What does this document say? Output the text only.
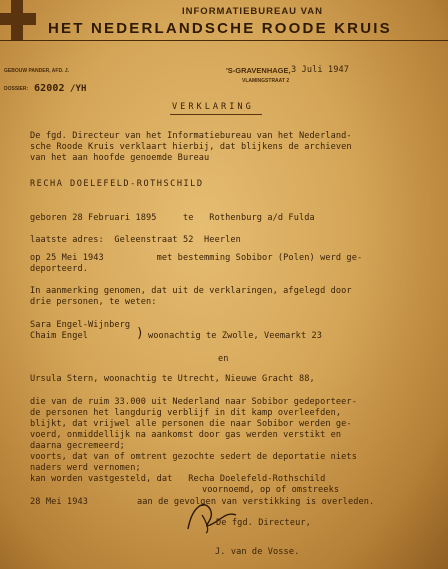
INFORMATIEBUREAU VAN
HET NEDERLANDSCHE ROODE KRUIS
GEBOUW PANDER, AFD. J.
DOSSIER: 62002 /YH
'S-GRAVENHAGE, 3 Juli 1947
VLAMINGSTRAAT 2
VERKLARING
De fgd. Directeur van het Informatiebureau van het Nederland-
sche Roode Kruis verklaart hierbij, dat blijkens de archieven
van het aan hoofde genoemde Bureau
RECHA DOELEFELD-ROTHSCHILD
geboren 28 Februari 1895     te   Rothenburg a/d Fulda
laatste adres:  Geleenstraat 52  Heerlen
op 25 Mei 1943          met bestemming Sobibor (Polen) werd ge-
deporteerd.
In aanmerking genomen, dat uit de verklaringen, afgelegd door
drie personen, te weten:
Sara Engel-Wijnberg
Chaim Engel	) woonachtig te Zwolle, Veemarkt 23
en
Ursula Stern, woonachtig te Utrecht, Nieuwe Gracht 88,
die van de ruim 33.000 uit Nederland naar Sobibor gedeporteer-
de personen het langdurig verblijf in dit kamp overleefden,
blijkt, dat vrijwel alle personen die naar Sobibor werden ge-
voerd, onmiddellijk na aankomst door gas werden verstikt en
daarna gecremeerd;
voorts, dat van of omtrent gezochte sedert de deportatie niets
naders werd vernomen;
kan worden vastgesteld, dat   Recha Doelefeld-Rothschild
voornoemd, op of omstreeks
28 Mei 1943	aan de gevolgen van verstikking is overleden.
De fgd. Directeur,
J. van de Vosse.
